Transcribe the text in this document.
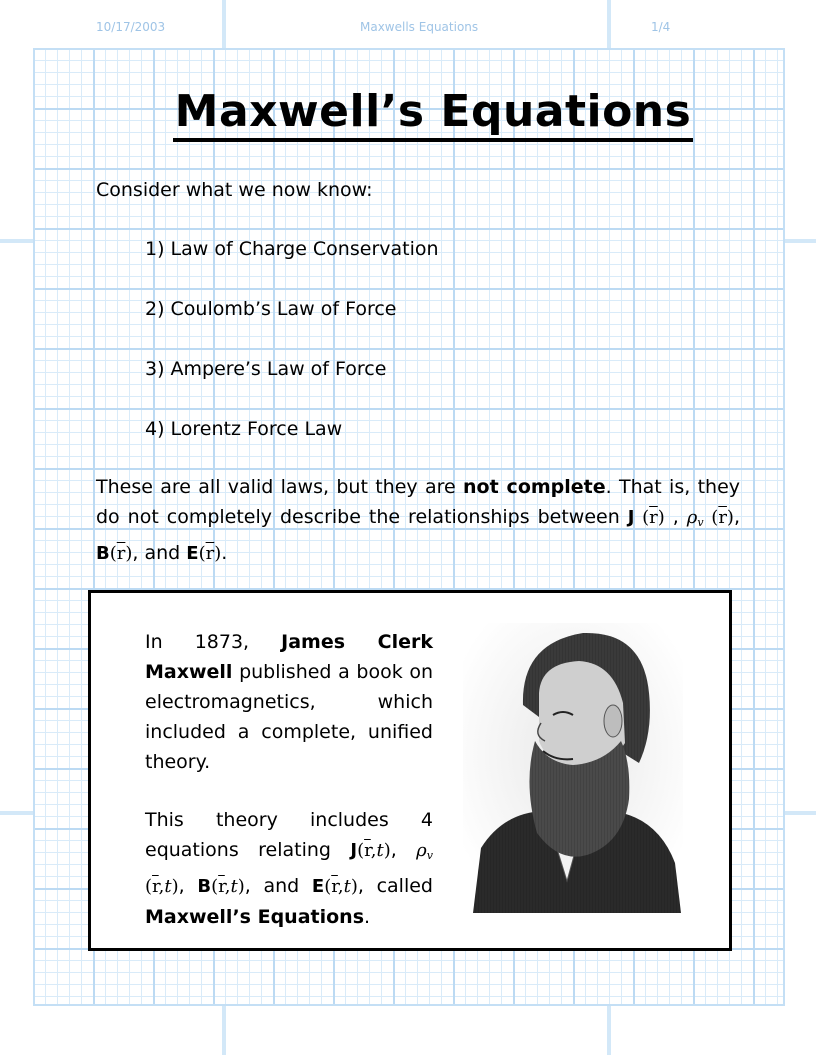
10/17/2003	Maxwells Equations	1/4
Maxwell’s Equations
Consider what we now know:
1) Law of Charge Conservation
2) Coulomb’s Law of Force
3) Ampere’s Law of Force
4) Lorentz Force Law
These are all valid laws, but they are not complete. That is, they do not completely describe the relationships between J $(\overline{r})$ , $\rho_v$ $(\overline{r})$, $B(\overline{r})$, and $E(\overline{r})$.

In 1873, James Clerk Maxwell published a book on electromagnetics, which included a complete, unified theory.

This theory includes 4 equations relating $J(\overline{r},t)$, $\rho_v$ $(\overline{r},t)$, $B(\overline{r},t)$, and $E(\overline{r},t)$, called Maxwell’s Equations.
